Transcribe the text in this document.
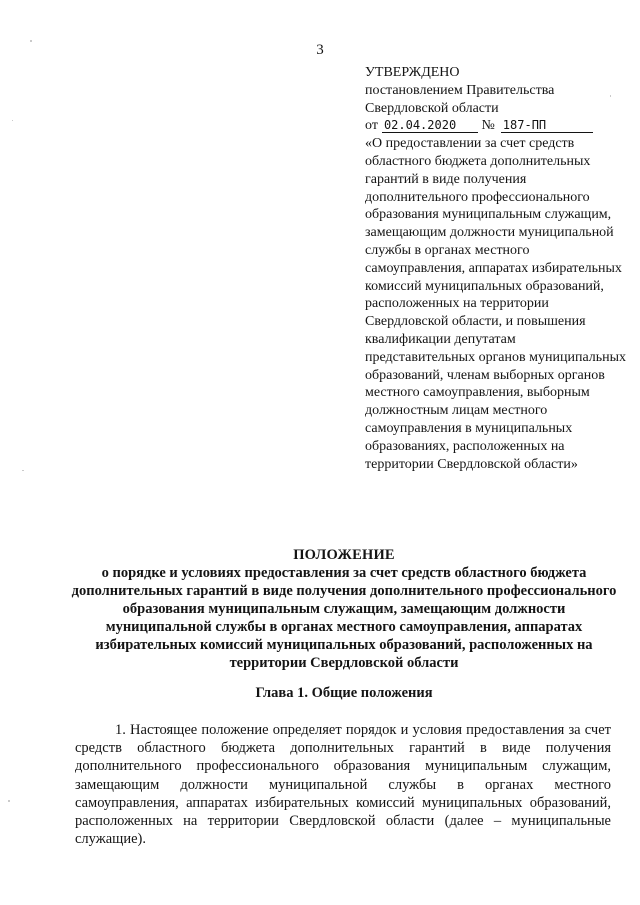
3
УТВЕРЖДЕНО
постановлением Правительства
Свердловской области
от 02.04.2020 № 187-ПП
«О предоставлении за счет средств областного бюджета дополнительных гарантий в виде получения дополнительного профессионального образования муниципальным служащим, замещающим должности муниципальной службы в органах местного самоуправления, аппаратах избирательных комиссий муниципальных образований, расположенных на территории Свердловской области, и повышения квалификации депутатам представительных органов муниципальных образований, членам выборных органов местного самоуправления, выборным должностным лицам местного самоуправления в муниципальных образованиях, расположенных на территории Свердловской области»
ПОЛОЖЕНИЕ
о порядке и условиях предоставления за счет средств областного бюджета дополнительных гарантий в виде получения дополнительного профессионального образования муниципальным служащим, замещающим должности муниципальной службы в органах местного самоуправления, аппаратах избирательных комиссий муниципальных образований, расположенных на территории Свердловской области
Глава 1. Общие положения

1. Настоящее положение определяет порядок и условия предоставления за счет средств областного бюджета дополнительных гарантий в виде получения дополнительного профессионального образования муниципальным служащим, замещающим должности муниципальной службы в органах местного самоуправления, аппаратах избирательных комиссий муниципальных образований, расположенных на территории Свердловской области (далее – муниципальные служащие).
